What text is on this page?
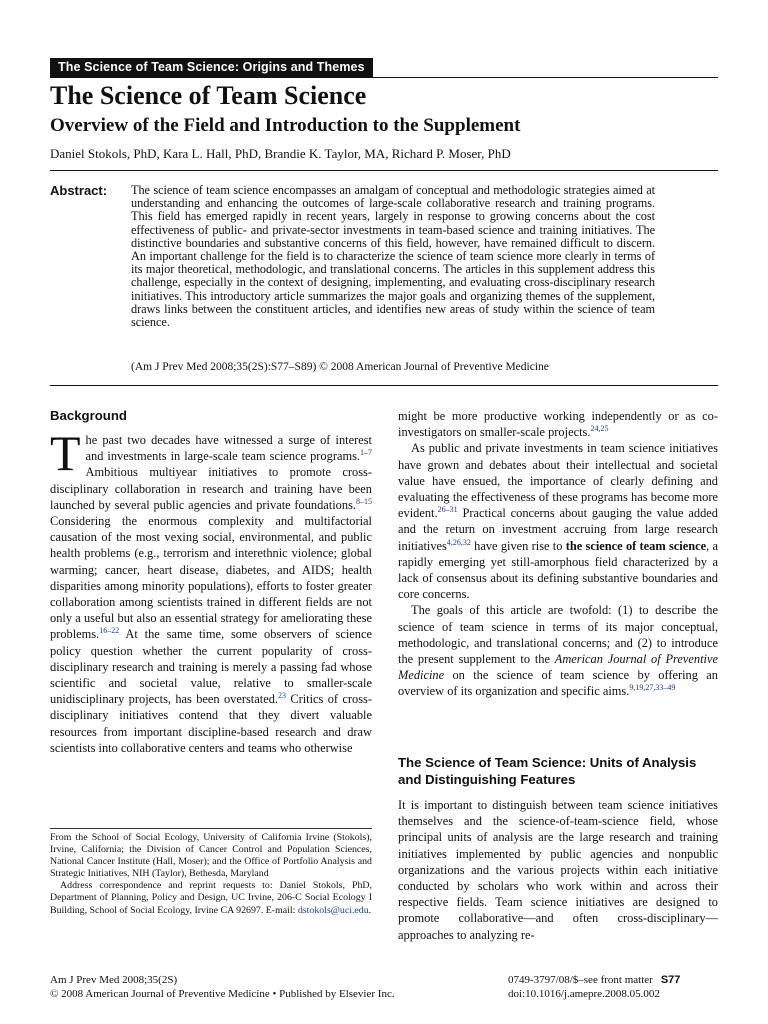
The Science of Team Science: Origins and Themes
The Science of Team Science
Overview of the Field and Introduction to the Supplement
Daniel Stokols, PhD, Kara L. Hall, PhD, Brandie K. Taylor, MA, Richard P. Moser, PhD
Abstract: The science of team science encompasses an amalgam of conceptual and methodologic strategies aimed at understanding and enhancing the outcomes of large-scale collaborative research and training programs. This field has emerged rapidly in recent years, largely in response to growing concerns about the cost effectiveness of public- and private-sector investments in team-based science and training initiatives. The distinctive boundaries and substantive concerns of this field, however, have remained difficult to discern. An important challenge for the field is to characterize the science of team science more clearly in terms of its major theoretical, methodologic, and translational concerns. The articles in this supplement address this challenge, especially in the context of designing, implementing, and evaluating cross-disciplinary research initiatives. This introductory article summarizes the major goals and organizing themes of the supplement, draws links between the constituent articles, and identifies new areas of study within the science of team science.
(Am J Prev Med 2008;35(2S):S77–S89) © 2008 American Journal of Preventive Medicine
Background

The past two decades have witnessed a surge of interest and investments in large-scale team science programs.$^{1-7}$ Ambitious multiyear initiatives to promote cross-disciplinary collaboration in research and training have been launched by several public agencies and private foundations.$^{8-15}$ Considering the enormous complexity and multifactorial causation of the most vexing social, environmental, and public health problems (e.g., terrorism and interethnic violence; global warming; cancer, heart disease, diabetes, and AIDS; health disparities among minority populations), efforts to foster greater collaboration among scientists trained in different fields are not only a useful but also an essential strategy for ameliorating these problems.$^{16-22}$ At the same time, some observers of science policy question whether the current popularity of cross-disciplinary research and training is merely a passing fad whose scientific and societal value, relative to smaller-scale unidisciplinary projects, has been overstated.$^{23}$ Critics of cross-disciplinary initiatives contend that they divert valuable resources from important discipline-based research and draw scientists into collaborative centers and teams who otherwise

From the School of Social Ecology, University of California Irvine (Stokols), Irvine, California; the Division of Cancer Control and Population Sciences, National Cancer Institute (Hall, Moser); and the Office of Portfolio Analysis and Strategic Initiatives, NIH (Taylor), Bethesda, Maryland

Address correspondence and reprint requests to: Daniel Stokols, PhD, Department of Planning, Policy and Design, UC Irvine, 206-C Social Ecology I Building, School of Social Ecology, Irvine CA 92697. E-mail: dstokols@uci.edu.

might be more productive working independently or as co-investigators on smaller-scale projects.$^{24,25}$

As public and private investments in team science initiatives have grown and debates about their intellectual and societal value have ensued, the importance of clearly defining and evaluating the effectiveness of these programs has become more evident.$^{26-31}$ Practical concerns about gauging the value added and the return on investment accruing from large research initiatives$^{4,26,32}$ have given rise to the science of team science, a rapidly emerging yet still-amorphous field characterized by a lack of consensus about its defining substantive boundaries and core concerns.

The goals of this article are twofold: (1) to describe the science of team science in terms of its major conceptual, methodologic, and translational concerns; and (2) to introduce the present supplement to the American Journal of Preventive Medicine on the science of team science by offering an overview of its organization and specific aims.$^{9,19,27,33-49}$

The Science of Team Science: Units of Analysis and Distinguishing Features

It is important to distinguish between team science initiatives themselves and the science-of-team-science field, whose principal units of analysis are the large research and training initiatives implemented by public agencies and nonpublic organizations and the various projects within each initiative conducted by scholars who work within and across their respective fields. Team science initiatives are designed to promote collaborative—and often cross-disciplinary—approaches to analyzing re-

Am J Prev Med 2008;35(2S)
© 2008 American Journal of Preventive Medicine • Published by Elsevier Inc.
0749-3797/08/$–see front matter S77
doi:10.1016/j.amepre.2008.05.002
